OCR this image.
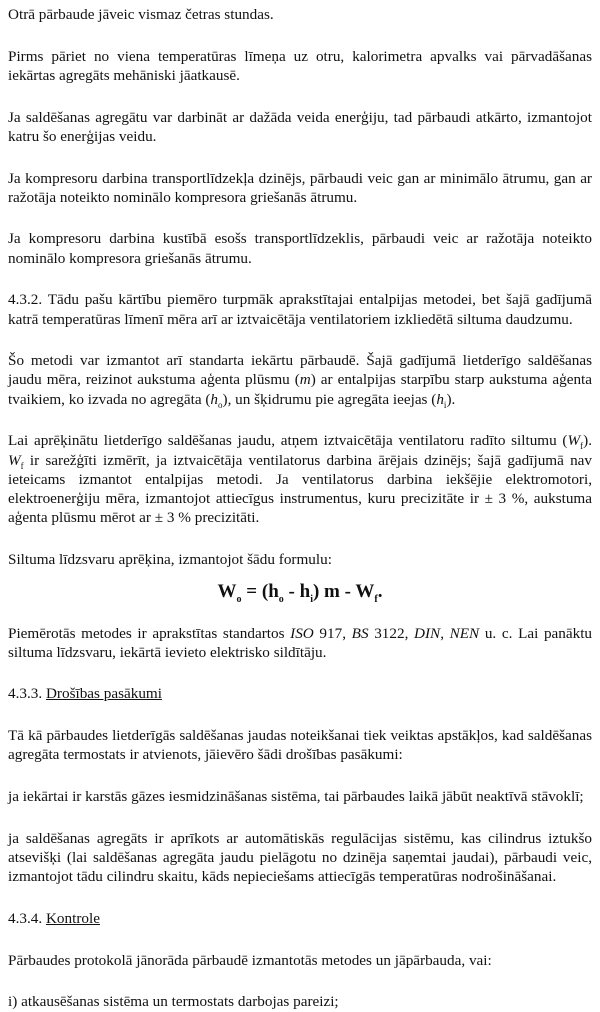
Otrā pārbaude jāveic vismaz četras stundas.

Pirms pāriet no viena temperatūras līmeņa uz otru, kalorimetra apvalks vai pārvadāšanas iekārtas agregāts mehāniski jāatkausē.

Ja saldēšanas agregātu var darbināt ar dažāda veida enerģiju, tad pārbaudi atkārto, izmantojot katru šo enerģijas veidu.

Ja kompresoru darbina transportlīdzekļa dzinējs, pārbaudi veic gan ar minimālo ātrumu, gan ar ražotāja noteikto nominālo kompresora griešanās ātrumu.

Ja kompresoru darbina kustībā esošs transportlīdzeklis, pārbaudi veic ar ražotāja noteikto nominālo kompresora griešanās ātrumu.

4.3.2. Tādu pašu kārtību piemēro turpmāk aprakstītajai entalpijas metodei, bet šajā gadījumā katrā temperatūras līmenī mēra arī ar iztvaicētāja ventilatoriem izkliedētā siltuma daudzumu.

Šo metodi var izmantot arī standarta iekārtu pārbaudē. Šajā gadījumā lietderīgo saldēšanas jaudu mēra, reizinot aukstuma aģenta plūsmu (m) ar entalpijas starpību starp aukstuma aģenta tvaikiem, ko izvada no agregāta $(h_o)$, un šķidrumu pie agregāta ieejas $(h_i)$.

Lai aprēķinātu lietderīgo saldēšanas jaudu, atņem iztvaicētāja ventilatoru radīto siltumu $(W_f)$. $W_f$ ir sarežģīti izmērīt, ja iztvaicētāja ventilatorus darbina ārējais dzinējs; šajā gadījumā nav ieteicams izmantot entalpijas metodi. Ja ventilatorus darbina iekšējie elektromotori, elektroenerģiju mēra, izmantojot attiecīgus instrumentus, kuru precizitāte ir ± 3 %, aukstuma aģenta plūsmu mērot ar ± 3 % precizitāti.

Siltuma līdzsvaru aprēķina, izmantojot šādu formulu:

$W_o = (h_o - h_i)$ m - $W_f$.

Piemērotās metodes ir aprakstītas standartos ISO 917, BS 3122, DIN, NEN u. c. Lai panāktu siltuma līdzsvaru, iekārtā ievieto elektrisko sildītāju.

4.3.3. Drošības pasākumi

Tā kā pārbaudes lietderīgās saldēšanas jaudas noteikšanai tiek veiktas apstākļos, kad saldēšanas agregāta termostats ir atvienots, jāievēro šādi drošības pasākumi:

ja iekārtai ir karstās gāzes iesmidzināšanas sistēma, tai pārbaudes laikā jābūt neaktīvā stāvoklī;

ja saldēšanas agregāts ir aprīkots ar automātiskās regulācijas sistēmu, kas cilindrus iztukšo atsevišķi (lai saldēšanas agregāta jaudu pielāgotu no dzinēja saņemtai jaudai), pārbaudi veic, izmantojot tādu cilindru skaitu, kāds nepieciešams attiecīgās temperatūras nodrošināšanai.

4.3.4. Kontrole

Pārbaudes protokolā jānorāda pārbaudē izmantotās metodes un jāpārbauda, vai:

i) atkausēšanas sistēma un termostats darbojas pareizi;
